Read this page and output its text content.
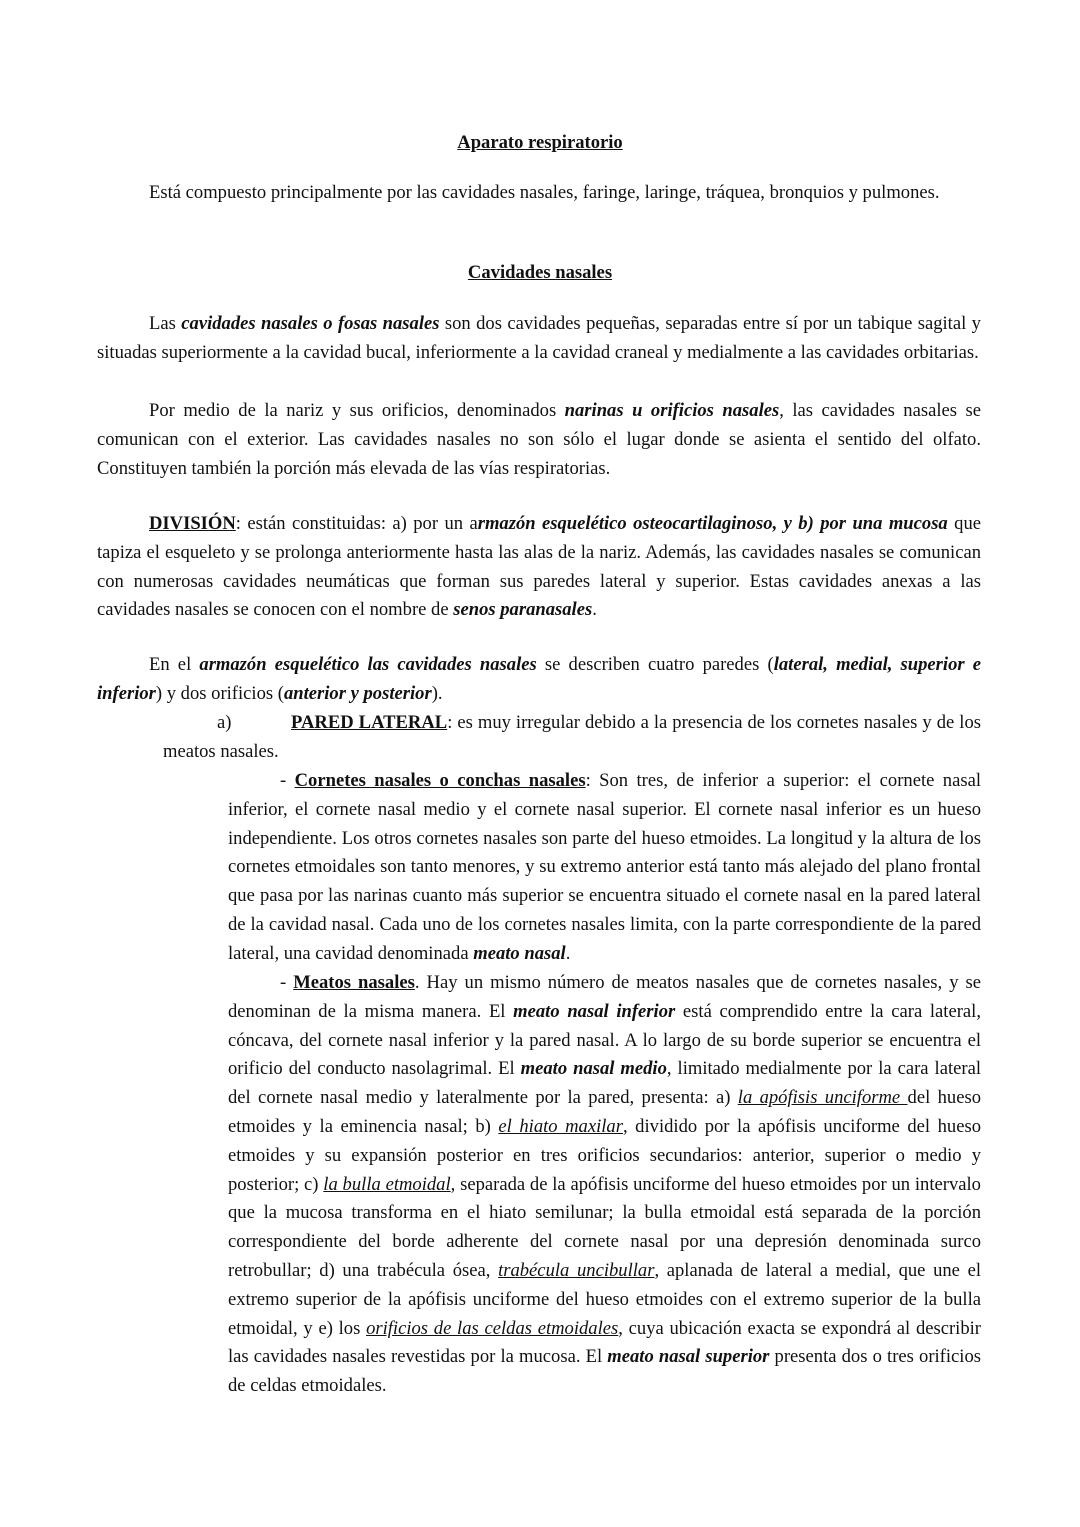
Aparato respiratorio

Está compuesto principalmente por las cavidades nasales, faringe, laringe, tráquea, bronquios y pulmones.

Cavidades nasales

Las cavidades nasales o fosas nasales son dos cavidades pequeñas, separadas entre sí por un tabique sagital y situadas superiormente a la cavidad bucal, inferiormente a la cavidad craneal y medialmente a las cavidades orbitarias.

Por medio de la nariz y sus orificios, denominados narinas u orificios nasales, las cavidades nasales se comunican con el exterior. Las cavidades nasales no son sólo el lugar donde se asienta el sentido del olfato. Constituyen también la porción más elevada de las vías respiratorias.

DIVISIÓN: están constituidas: a) por un armazón esquelético osteocartilaginoso, y b) por una mucosa que tapiza el esqueleto y se prolonga anteriormente hasta las alas de la nariz. Además, las cavidades nasales se comunican con numerosas cavidades neumáticas que forman sus paredes lateral y superior. Estas cavidades anexas a las cavidades nasales se conocen con el nombre de senos paranasales.

En el armazón esquelético las cavidades nasales se describen cuatro paredes (lateral, medial, superior e inferior) y dos orificios (anterior y posterior).

a)	PARED LATERAL: es muy irregular debido a la presencia de los cornetes nasales y de los meatos nasales.

- Cornetes nasales o conchas nasales: Son tres, de inferior a superior: el cornete nasal inferior, el cornete nasal medio y el cornete nasal superior. El cornete nasal inferior es un hueso independiente. Los otros cornetes nasales son parte del hueso etmoides. La longitud y la altura de los cornetes etmoidales son tanto menores, y su extremo anterior está tanto más alejado del plano frontal que pasa por las narinas cuanto más superior se encuentra situado el cornete nasal en la pared lateral de la cavidad nasal. Cada uno de los cornetes nasales limita, con la parte correspondiente de la pared lateral, una cavidad denominada meato nasal.

- Meatos nasales. Hay un mismo número de meatos nasales que de cornetes nasales, y se denominan de la misma manera. El meato nasal inferior está comprendido entre la cara lateral, cóncava, del cornete nasal inferior y la pared nasal. A lo largo de su borde superior se encuentra el orificio del conducto nasolagrimal. El meato nasal medio, limitado medialmente por la cara lateral del cornete nasal medio y lateralmente por la pared, presenta: a) la apófisis unciforme del hueso etmoides y la eminencia nasal; b) el hiato maxilar, dividido por la apófisis unciforme del hueso etmoides y su expansión posterior en tres orificios secundarios: anterior, superior o medio y posterior; c) la bulla etmoidal, separada de la apófisis unciforme del hueso etmoides por un intervalo que la mucosa transforma en el hiato semilunar; la bulla etmoidal está separada de la porción correspondiente del borde adherente del cornete nasal por una depresión denominada surco retrobullar; d) una trabécula ósea, trabécula uncibullar, aplanada de lateral a medial, que une el extremo superior de la apófisis unciforme del hueso etmoides con el extremo superior de la bulla etmoidal, y e) los orificios de las celdas etmoidales, cuya ubicación exacta se expondrá al describir las cavidades nasales revestidas por la mucosa. El meato nasal superior presenta dos o tres orificios de celdas etmoidales.
